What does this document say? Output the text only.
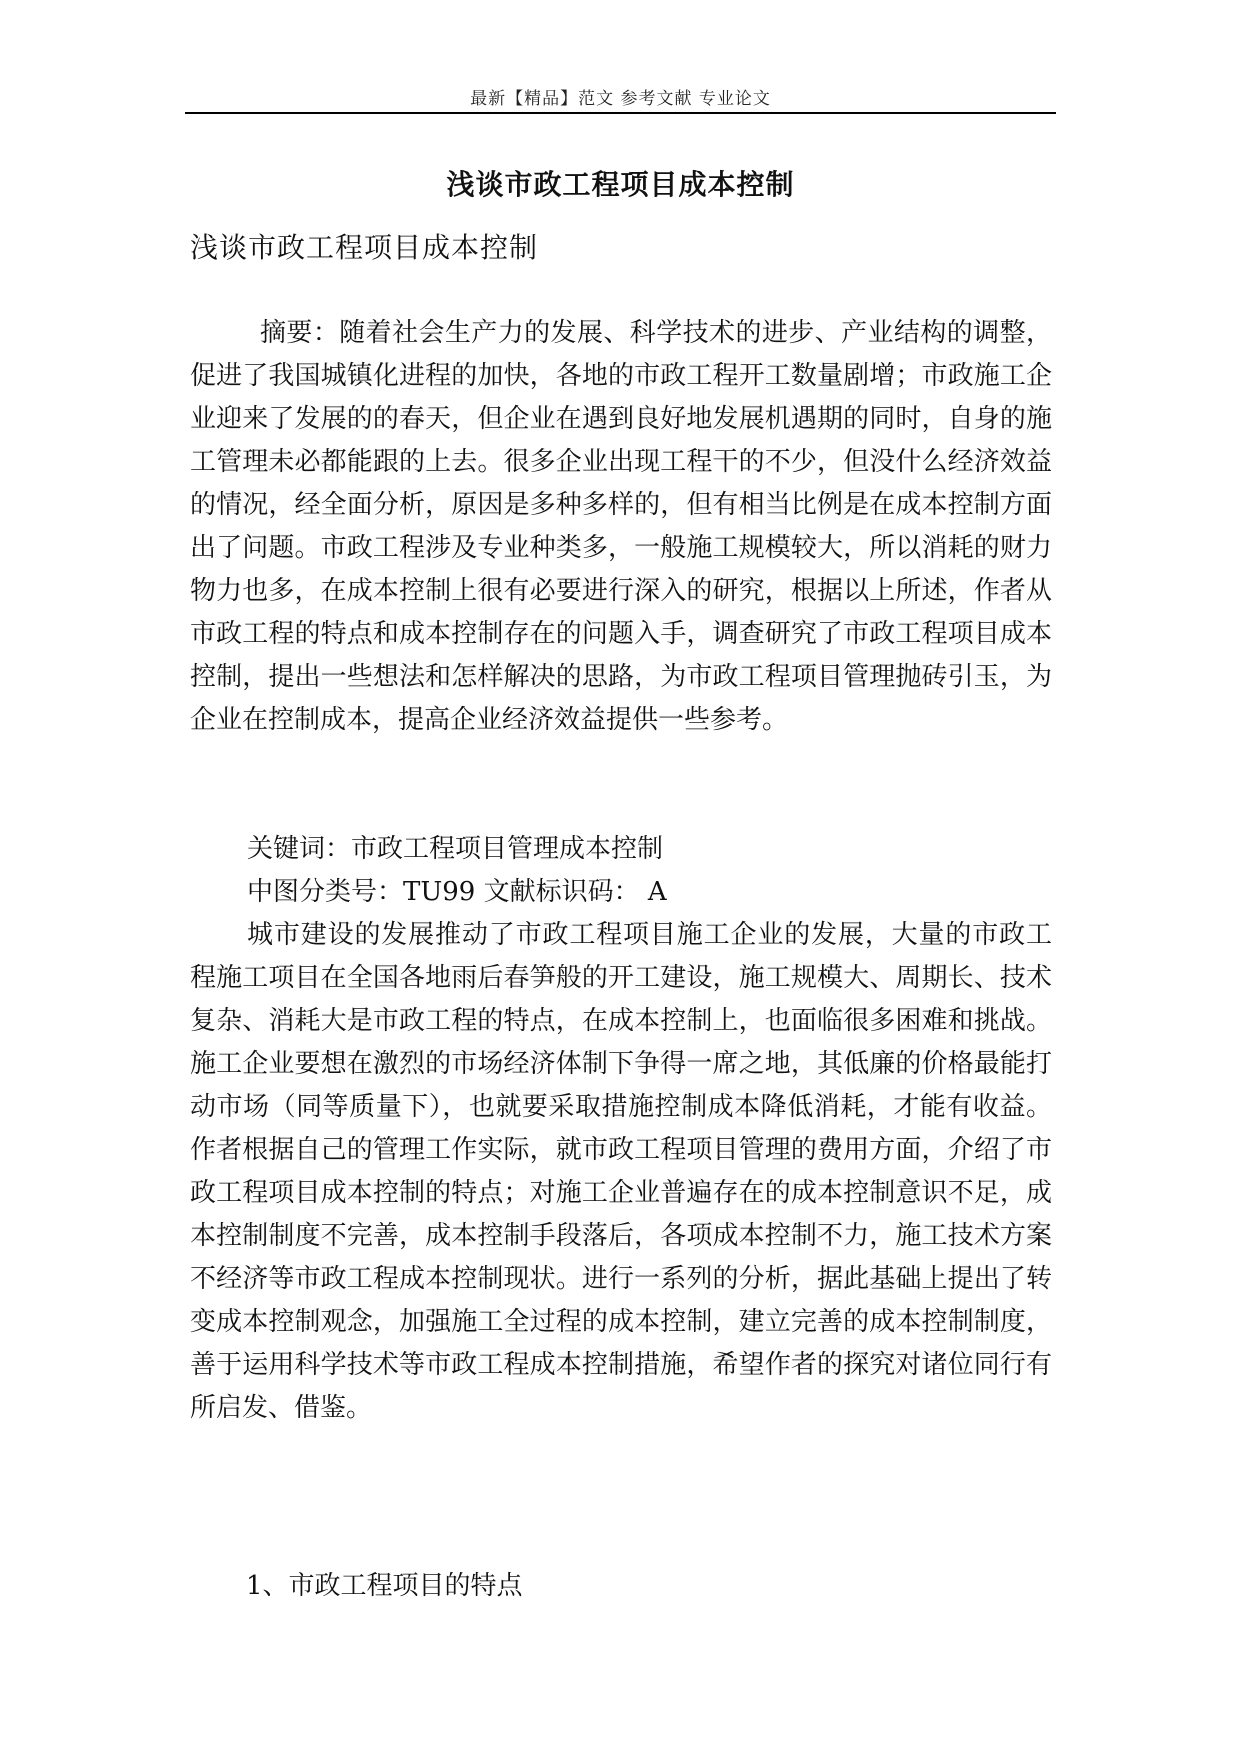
最新【精品】范文 参考文献 专业论文
浅谈市政工程项目成本控制
浅谈市政工程项目成本控制

摘要：随着社会生产力的发展、科学技术的进步、产业结构的调整，促进了我国城镇化进程的加快，各地的市政工程开工数量剧增；市政施工企业迎来了发展的的春天，但企业在遇到良好地发展机遇期的同时，自身的施工管理未必都能跟的上去。很多企业出现工程干的不少，但没什么经济效益的情况，经全面分析，原因是多种多样的，但有相当比例是在成本控制方面出了问题。市政工程涉及专业种类多，一般施工规模较大，所以消耗的财力物力也多，在成本控制上很有必要进行深入的研究，根据以上所述，作者从市政工程的特点和成本控制存在的问题入手，调查研究了市政工程项目成本控制，提出一些想法和怎样解决的思路，为市政工程项目管理抛砖引玉，为企业在控制成本，提高企业经济效益提供一些参考。

关键词：市政工程项目管理成本控制

中图分类号：TU99 文献标识码： A

城市建设的发展推动了市政工程项目施工企业的发展，大量的市政工程施工项目在全国各地雨后春笋般的开工建设，施工规模大、周期长、技术复杂、消耗大是市政工程的特点，在成本控制上，也面临很多困难和挑战。施工企业要想在激烈的市场经济体制下争得一席之地，其低廉的价格最能打动市场（同等质量下），也就要采取措施控制成本降低消耗，才能有收益。作者根据自己的管理工作实际，就市政工程项目管理的费用方面，介绍了市政工程项目成本控制的特点；对施工企业普遍存在的成本控制意识不足，成本控制制度不完善，成本控制手段落后，各项成本控制不力，施工技术方案不经济等市政工程成本控制现状。进行一系列的分析，据此基础上提出了转变成本控制观念，加强施工全过程的成本控制，建立完善的成本控制制度，善于运用科学技术等市政工程成本控制措施，希望作者的探究对诸位同行有所启发、借鉴。

1、市政工程项目的特点
